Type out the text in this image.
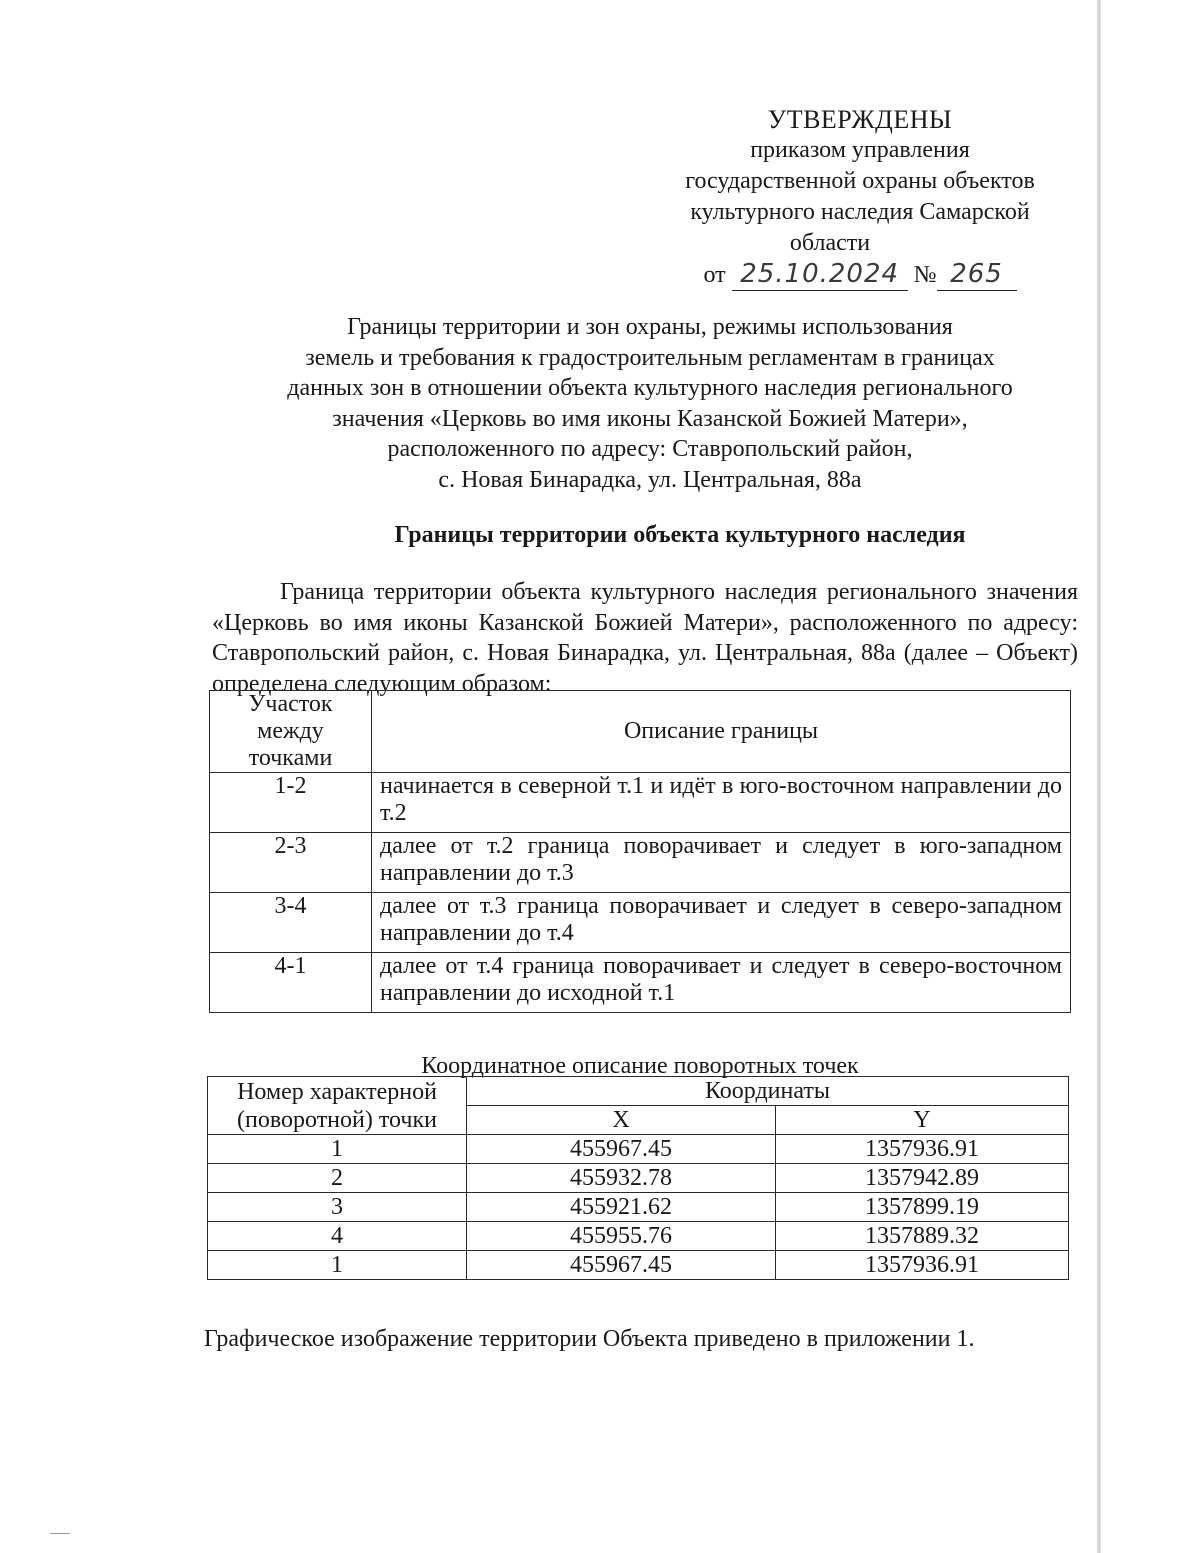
УТВЕРЖДЕНЫ
приказом управления
государственной охраны объектов
культурного наследия Самарской
области
от 25.10.2024 № 265
Границы территории и зон охраны, режимы использования
земель и требования к градостроительным регламентам в границах
данных зон в отношении объекта культурного наследия регионального
значения «Церковь во имя иконы Казанской Божией Матери»,
расположенного по адресу: Ставропольский район,
с. Новая Бинарадка, ул. Центральная, 88а
Границы территории объекта культурного наследия
Граница территории объекта культурного наследия регионального значения «Церковь во имя иконы Казанской Божией Матери», расположенного по адресу: Ставропольский район, с. Новая Бинарадка, ул. Центральная, 88а (далее – Объект) определена следующим образом:
Участок
между
точками	Описание границы
1-2	начинается в северной т.1 и идёт в юго-восточном направлении до т.2
2-3	далее от т.2 граница поворачивает и следует в юго-западном направлении до т.3
3-4	далее от т.3 граница поворачивает и следует в северо-западном направлении до т.4
4-1	далее от т.4 граница поворачивает и следует в северо-восточном направлении до исходной т.1
Координатное описание поворотных точек
Номер характерной
(поворотной) точки	Координаты	
	X	Y
1	455967.45	1357936.91
2	455932.78	1357942.89
3	455921.62	1357899.19
4	455955.76	1357889.32
1	455967.45	1357936.91
Графическое изображение территории Объекта приведено в приложении 1.
